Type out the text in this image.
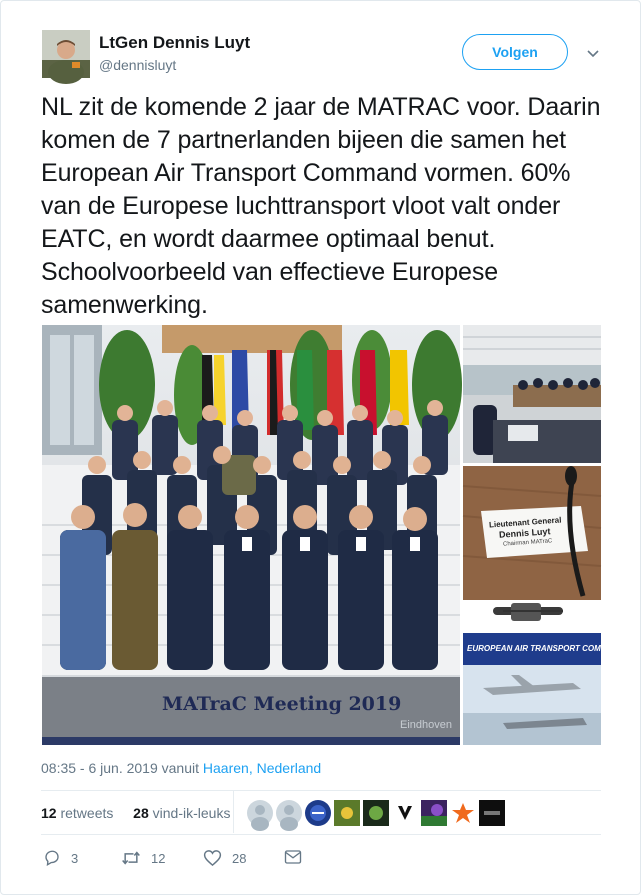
LtGen Dennis Luyt
@dennisluyt
Volgen
NL zit de komende 2 jaar de MATRAC voor. Daarin komen de 7 partnerlanden bijeen die samen het European Air Transport Command vormen. 60% van de Europese luchttransport vloot valt onder EATC, en wordt daarmee optimaal benut. Schoolvoorbeeld van effectieve Europese samenwerking.
MATraC Meeting 2019
Eindhoven
Lieutenant General
Dennis Luyt
Chairman MATraC
EUROPEAN AIR TRANSPORT COMMAND
08:35 - 6 jun. 2019 vanuit Haaren, Nederland
12 retweets 28 vind-ik-leuks
3	12	28
